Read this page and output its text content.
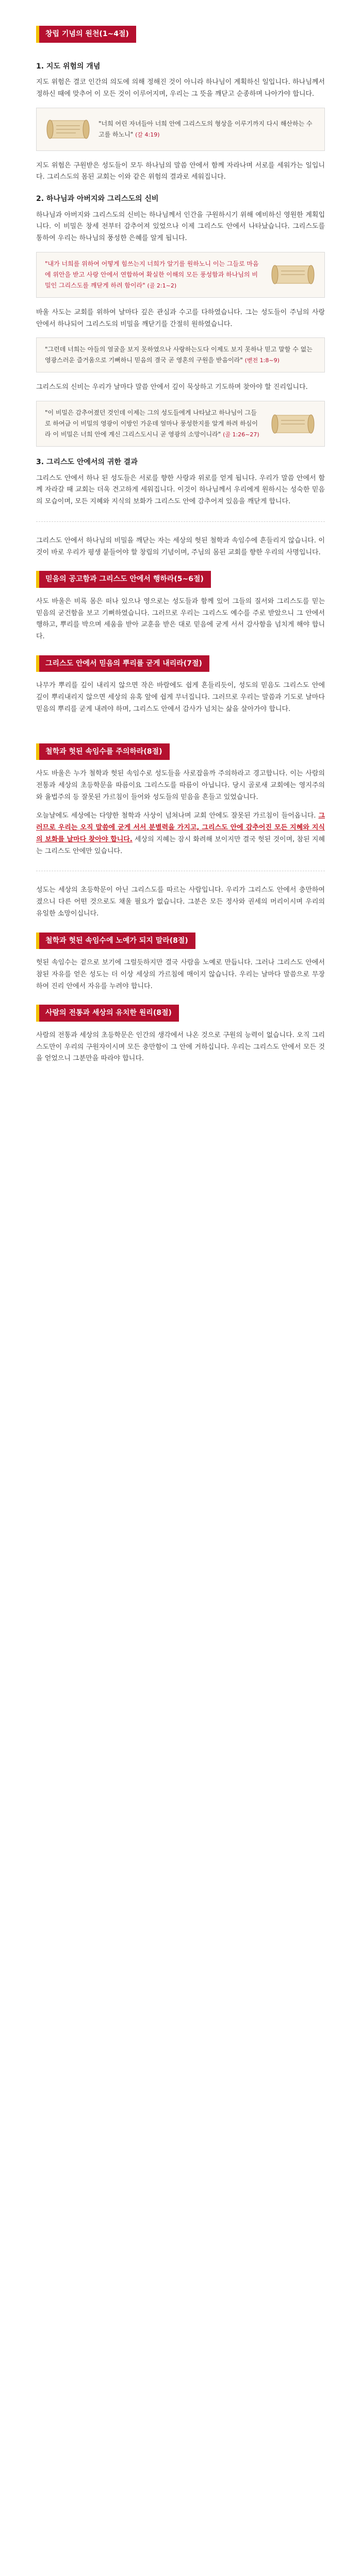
창립 기념의 원천(1~4절)
1. 지도 위험의 개념

지도 위험은 결코 인간의 의도에 의해 정해진 것이 아니라 하나님이 계획하신 일입니다. 하나님께서 정하신 때에 맞추어 이 모든 것이 이루어지며, 우리는 그 뜻을 깨닫고 순종하며 나아가야 합니다.

"너희 어린 자녀들아 너희 안에 그리스도의 형상을 이루기까지 다시 해산하는 수고를 하노니" (갈 4:19)

지도 위험은 구원받은 성도들이 모두 하나님의 말씀 안에서 함께 자라나며 서로를 세워가는 일입니다. 그리스도의 몸된 교회는 이와 같은 위험의 결과로 세워집니다.

2. 하나님과 아버지와 그리스도의 신비

하나님과 아버지와 그리스도의 신비는 하나님께서 인간을 구원하시기 위해 예비하신 영원한 계획입니다. 이 비밀은 창세 전부터 감추어져 있었으나 이제 그리스도 안에서 나타났습니다. 그리스도를 통하여 우리는 하나님의 풍성한 은혜를 알게 됩니다.

"내가 너희를 위하여 어떻게 힘쓰는지 너희가 알기를 원하노니 이는 그들로 마음에 위안을 받고 사랑 안에서 연합하여 확실한 이해의 모든 풍성함과 하나님의 비밀인 그리스도를 깨닫게 하려 함이라" (골 2:1~2)

바울 사도는 교회를 위하여 날마다 깊은 관심과 수고를 다하였습니다. 그는 성도들이 주님의 사랑 안에서 하나되어 그리스도의 비밀을 깨닫기를 간절히 원하였습니다.

"그런데 너희는 아들의 얼굴을 보지 못하였으나 사랑하는도다 이제도 보지 못하나 믿고 말할 수 없는 영광스러운 즐거움으로 기뻐하니 믿음의 결국 곧 영혼의 구원을 받음이라" (벧전 1:8~9)

그리스도의 신비는 우리가 날마다 말씀 안에서 깊이 묵상하고 기도하며 찾아야 할 진리입니다.

"이 비밀은 감추어졌던 것인데 이제는 그의 성도들에게 나타났고 하나님이 그들로 하여금 이 비밀의 영광이 이방인 가운데 얼마나 풍성한지를 알게 하려 하심이라 이 비밀은 너희 안에 계신 그리스도시니 곧 영광의 소망이니라" (골 1:26~27)
3. 그리스도 안에서의 귀한 결과

그리스도 안에서 하나 된 성도들은 서로를 향한 사랑과 위로를 얻게 됩니다. 우리가 말씀 안에서 함께 자라갈 때 교회는 더욱 견고하게 세워집니다. 이것이 하나님께서 우리에게 원하시는 성숙한 믿음의 모습이며, 모든 지혜와 지식의 보화가 그리스도 안에 감추어져 있음을 깨닫게 합니다.

그리스도 안에서 하나님의 비밀을 깨닫는 자는 세상의 헛된 철학과 속임수에 흔들리지 않습니다. 이것이 바로 우리가 평생 붙들어야 할 창립의 기념이며, 주님의 몸된 교회를 향한 우리의 사명입니다.

믿음의 공고함과 그리스도 안에서 행하라(5~6절)

사도 바울은 비록 몸은 떠나 있으나 영으로는 성도들과 함께 있어 그들의 질서와 그리스도를 믿는 믿음의 굳건함을 보고 기뻐하였습니다. 그러므로 우리는 그리스도 예수를 주로 받았으니 그 안에서 행하고, 뿌리를 박으며 세움을 받아 교훈을 받은 대로 믿음에 굳게 서서 감사함을 넘치게 해야 합니다.

그리스도 안에서 믿음의 뿌리를 굳게 내리라(7절)

나무가 뿌리를 깊이 내리지 않으면 작은 바람에도 쉽게 흔들리듯이, 성도의 믿음도 그리스도 안에 깊이 뿌리내리지 않으면 세상의 유혹 앞에 쉽게 무너집니다. 그러므로 우리는 말씀과 기도로 날마다 믿음의 뿌리를 굳게 내려야 하며, 그리스도 안에서 감사가 넘치는 삶을 살아가야 합니다.

철학과 헛된 속임수를 주의하라(8절)

사도 바울은 누가 철학과 헛된 속임수로 성도들을 사로잡을까 주의하라고 경고합니다. 이는 사람의 전통과 세상의 초등학문을 따름이요 그리스도를 따름이 아닙니다. 당시 골로새 교회에는 영지주의와 율법주의 등 잘못된 가르침이 들어와 성도들의 믿음을 흔들고 있었습니다.

오늘날에도 세상에는 다양한 철학과 사상이 넘쳐나며 교회 안에도 잘못된 가르침이 들어옵니다. 그러므로 우리는 오직 말씀에 굳게 서서 분별력을 가지고, 그리스도 안에 감추어진 모든 지혜와 지식의 보화를 날마다 찾아야 합니다. 세상의 지혜는 잠시 화려해 보이지만 결국 헛된 것이며, 참된 지혜는 그리스도 안에만 있습니다.

성도는 세상의 초등학문이 아닌 그리스도를 따르는 사람입니다. 우리가 그리스도 안에서 충만하여졌으니 다른 어떤 것으로도 채울 필요가 없습니다. 그분은 모든 정사와 권세의 머리이시며 우리의 유일한 소망이십니다.

철학과 헛된 속임수에 노예가 되지 말라(8절)

헛된 속임수는 겉으로 보기에 그럴듯하지만 결국 사람을 노예로 만듭니다. 그러나 그리스도 안에서 참된 자유를 얻은 성도는 더 이상 세상의 가르침에 매이지 않습니다. 우리는 날마다 말씀으로 무장하여 진리 안에서 자유를 누려야 합니다.

사람의 전통과 세상의 유치한 원리(8절)

사람의 전통과 세상의 초등학문은 인간의 생각에서 나온 것으로 구원의 능력이 없습니다. 오직 그리스도만이 우리의 구원자이시며 모든 충만함이 그 안에 거하십니다. 우리는 그리스도 안에서 모든 것을 얻었으니 그분만을 따라야 합니다.
